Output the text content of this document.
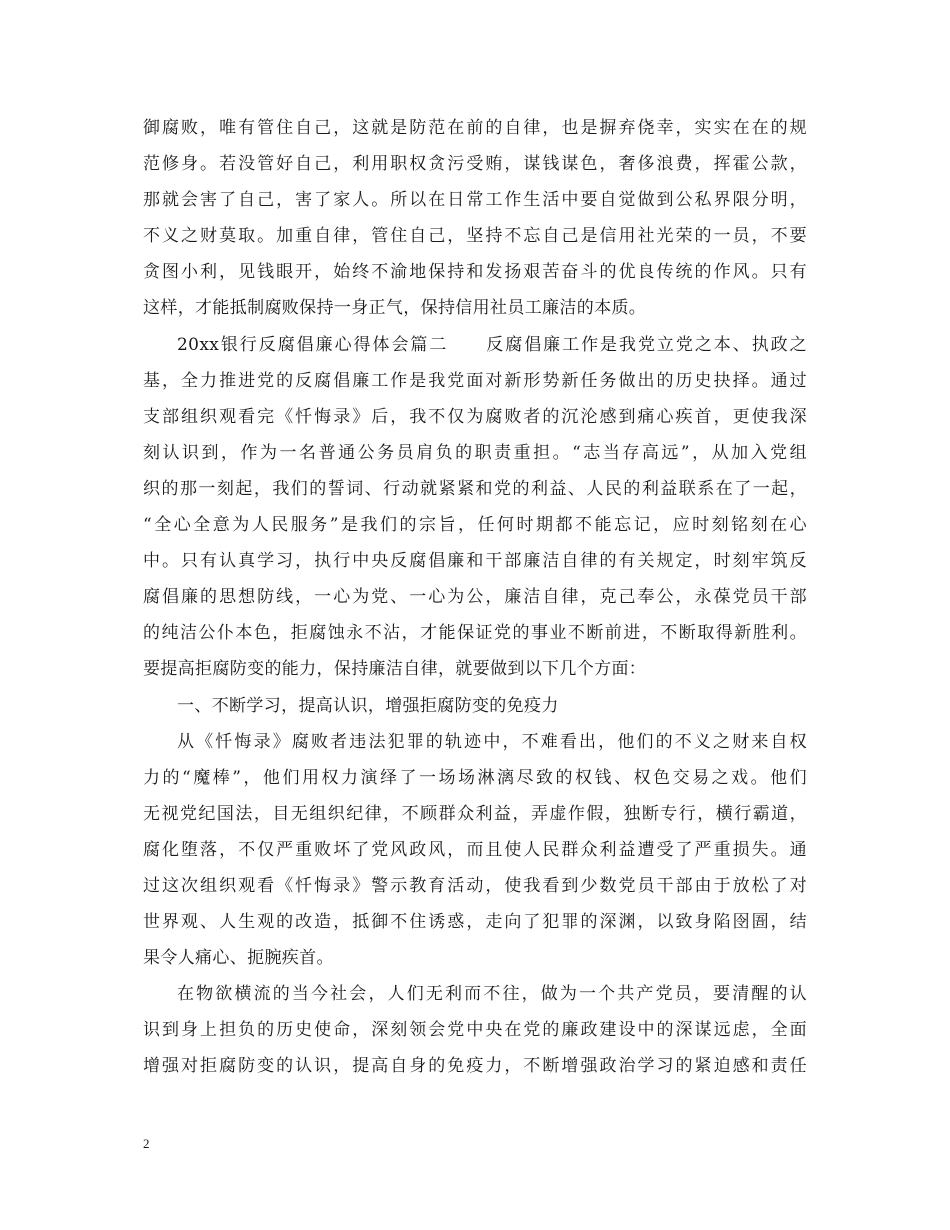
御腐败，唯有管住自己，这就是防范在前的自律，也是摒弃侥幸，实实在在的规
范修身。若没管好自己，利用职权贪污受贿，谋钱谋色，奢侈浪费，挥霍公款，
那就会害了自己，害了家人。所以在日常工作生活中要自觉做到公私界限分明，
不义之财莫取。加重自律，管住自己，坚持不忘自己是信用社光荣的一员，不要
贪图小利，见钱眼开，始终不渝地保持和发扬艰苦奋斗的优良传统的作风。只有
这样，才能抵制腐败保持一身正气，保持信用社员工廉洁的本质。
20xx银行反腐倡廉心得体会篇二　　反腐倡廉工作是我党立党之本、执政之
基，全力推进党的反腐倡廉工作是我党面对新形势新任务做出的历史抉择。通过
支部组织观看完《忏悔录》后，我不仅为腐败者的沉沦感到痛心疾首，更使我深
刻认识到，作为一名普通公务员肩负的职责重担。“志当存高远”，从加入党组
织的那一刻起，我们的誓词、行动就紧紧和党的利益、人民的利益联系在了一起，
“全心全意为人民服务”是我们的宗旨，任何时期都不能忘记，应时刻铭刻在心
中。只有认真学习，执行中央反腐倡廉和干部廉洁自律的有关规定，时刻牢筑反
腐倡廉的思想防线，一心为党、一心为公，廉洁自律，克己奉公，永葆党员干部
的纯洁公仆本色，拒腐蚀永不沾，才能保证党的事业不断前进，不断取得新胜利。
要提高拒腐防变的能力，保持廉洁自律，就要做到以下几个方面：
一、不断学习，提高认识，增强拒腐防变的免疫力
从《忏悔录》腐败者违法犯罪的轨迹中，不难看出，他们的不义之财来自权
力的“魔棒”，他们用权力演绎了一场场淋漓尽致的权钱、权色交易之戏。他们
无视党纪国法，目无组织纪律，不顾群众利益，弄虚作假，独断专行，横行霸道，
腐化堕落，不仅严重败坏了党风政风，而且使人民群众利益遭受了严重损失。通
过这次组织观看《忏悔录》警示教育活动，使我看到少数党员干部由于放松了对
世界观、人生观的改造，抵御不住诱惑，走向了犯罪的深渊，以致身陷囹圄，结
果令人痛心、扼腕疾首。
在物欲横流的当今社会，人们无利而不往，做为一个共产党员，要清醒的认
识到身上担负的历史使命，深刻领会党中央在党的廉政建设中的深谋远虑，全面
增强对拒腐防变的认识，提高自身的免疫力，不断增强政治学习的紧迫感和责任
2
